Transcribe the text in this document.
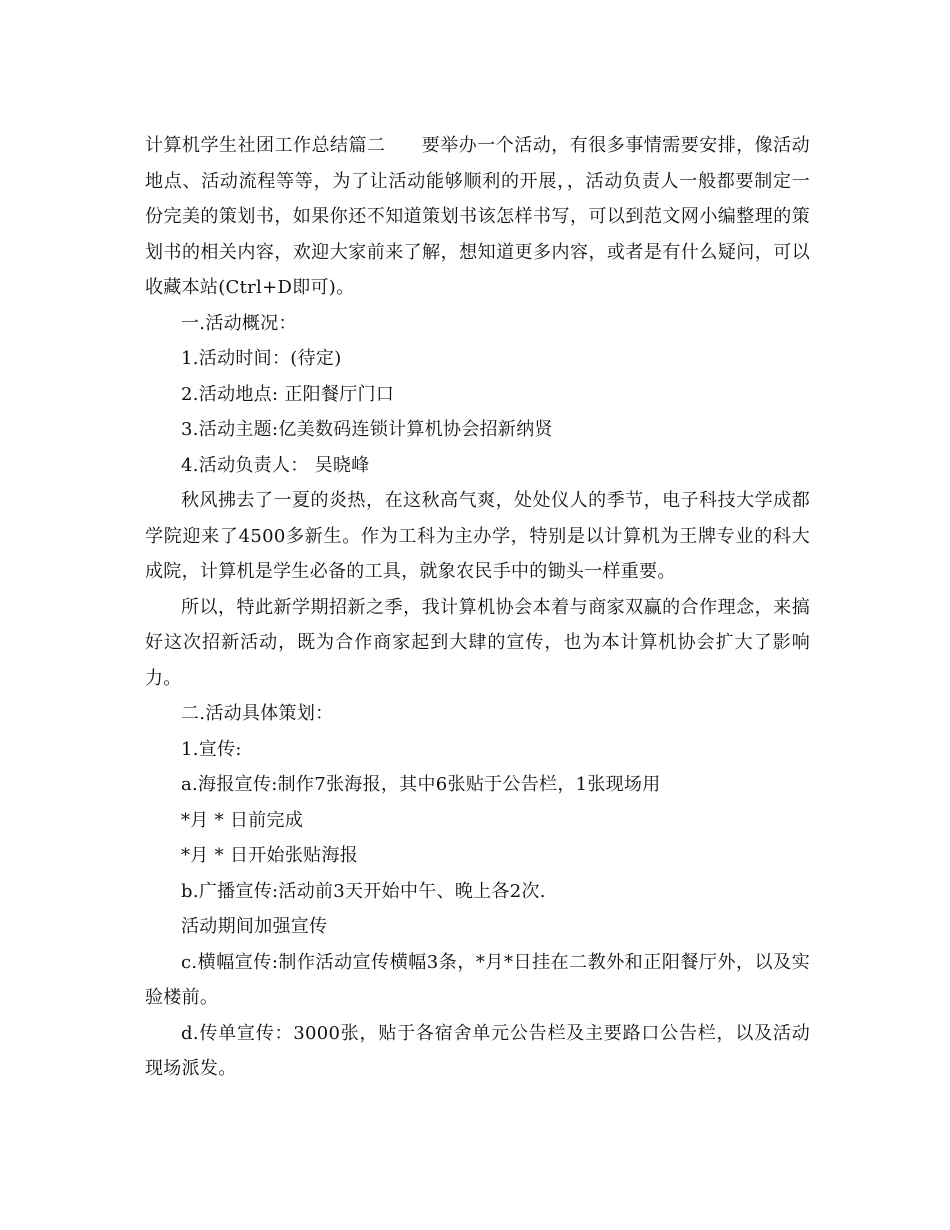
计算机学生社团工作总结篇二 要举办一个活动，有很多事情需要安排，像活动地点、活动流程等等，为了让活动能够顺利的开展，，活动负责人一般都要制定一份完美的策划书，如果你还不知道策划书该怎样书写，可以到范文网小编整理的策划书的相关内容，欢迎大家前来了解，想知道更多内容，或者是有什么疑问，可以收藏本站(Ctrl+D即可)。

一.活动概况：

1.活动时间：(待定)

2.活动地点: 正阳餐厅门口

3.活动主题:亿美数码连锁计算机协会招新纳贤

4.活动负责人： 吴晓峰

秋风拂去了一夏的炎热，在这秋高气爽，处处仪人的季节，电子科技大学成都学院迎来了4500多新生。作为工科为主办学，特别是以计算机为王牌专业的科大成院，计算机是学生必备的工具，就象农民手中的锄头一样重要。

所以，特此新学期招新之季，我计算机协会本着与商家双赢的合作理念，来搞好这次招新活动，既为合作商家起到大肆的宣传，也为本计算机协会扩大了影响力。

二.活动具体策划：

1.宣传:

a.海报宣传:制作7张海报，其中6张贴于公告栏，1张现场用

*月 * 日前完成

*月 * 日开始张贴海报

b.广播宣传:活动前3天开始中午、晚上各2次.

活动期间加强宣传

c.横幅宣传:制作活动宣传横幅3条，*月*日挂在二教外和正阳餐厅外，以及实验楼前。

d.传单宣传：3000张，贴于各宿舍单元公告栏及主要路口公告栏，以及活动现场派发。
